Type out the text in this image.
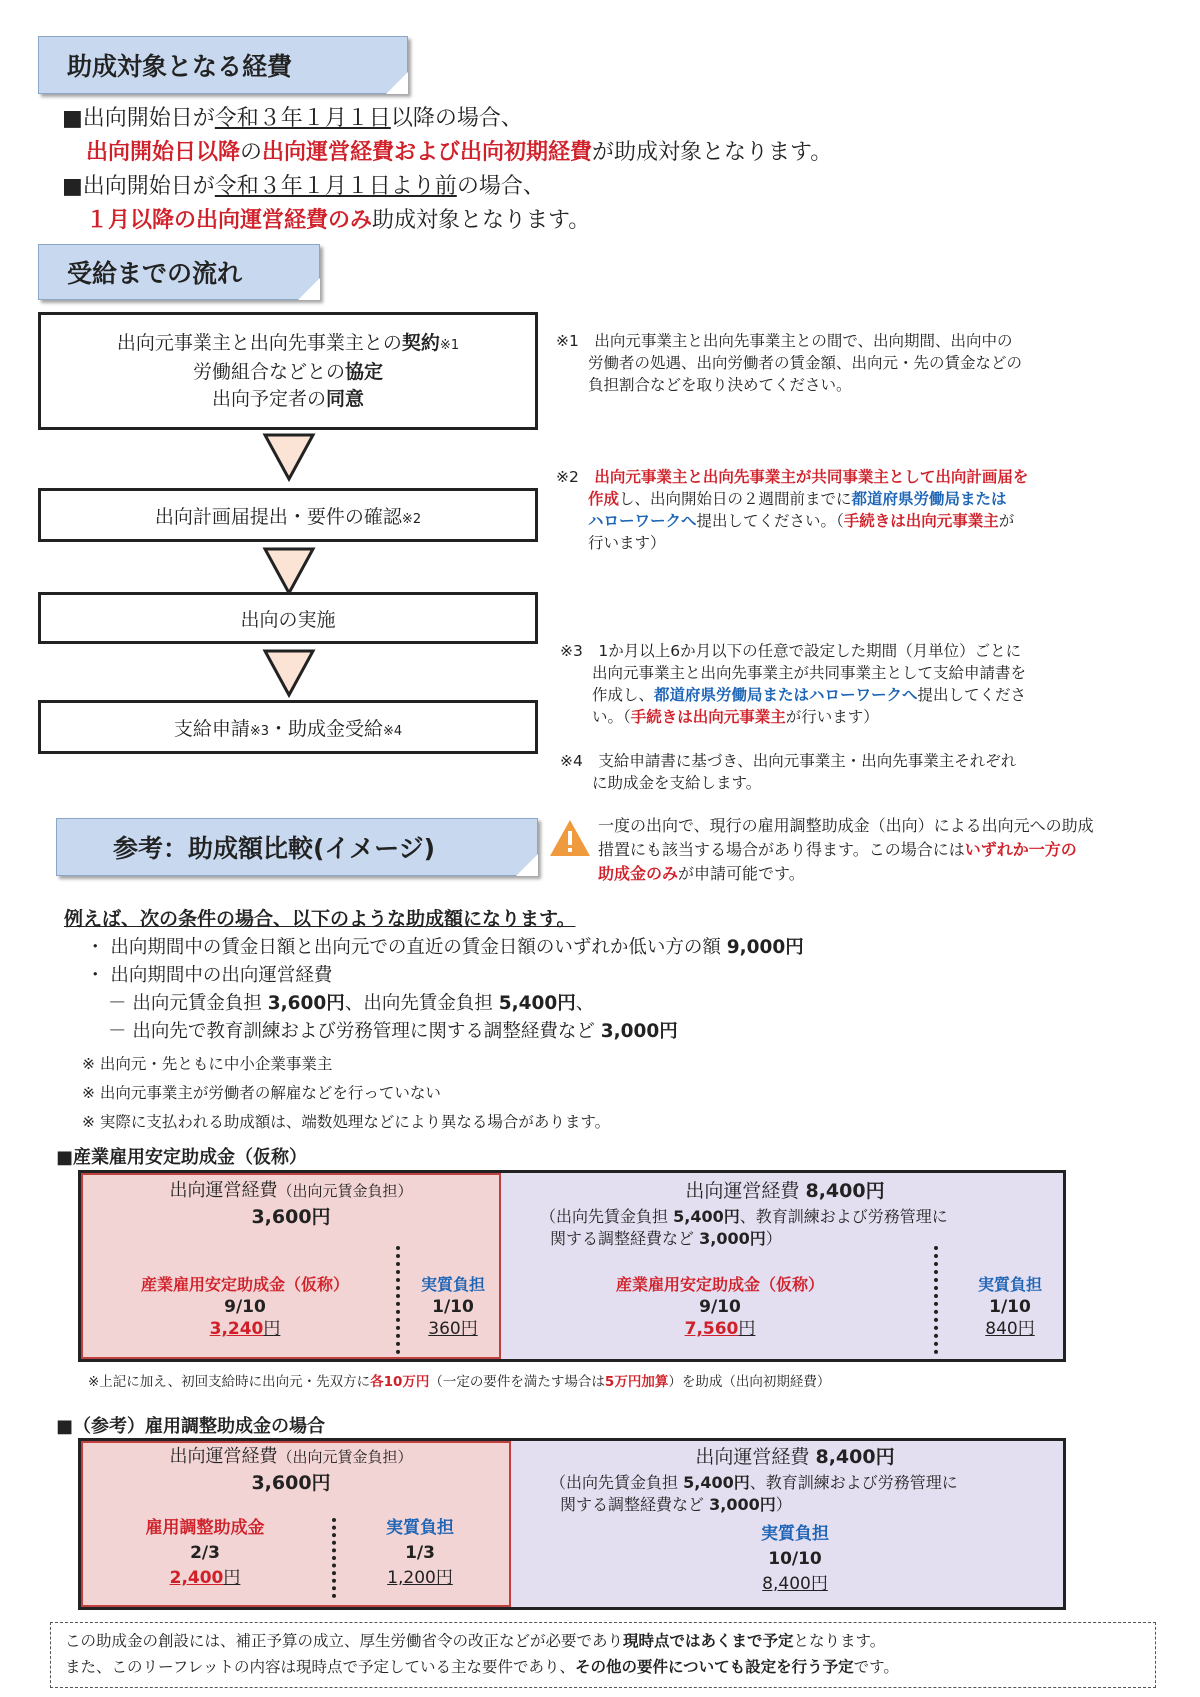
助成対象となる経費
■出向開始日が令和３年１月１日以降の場合、
出向開始日以降の出向運営経費および出向初期経費が助成対象となります。
■出向開始日が令和３年１月１日より前の場合、
１月以降の出向運営経費のみ助成対象となります。
受給までの流れ
出向元事業主と出向先事業主との契約※1
労働組合などとの協定
出向予定者の同意
出向計画届提出・要件の確認※2
出向の実施
支給申請※3・助成金受給※4
※1　出向元事業主と出向先事業主との間で、出向期間、出向中の
労働者の処遇、出向労働者の賃金額、出向元・先の賃金などの
負担割合などを取り決めてください。
※2　出向元事業主と出向先事業主が共同事業主として出向計画届を
作成し、出向開始日の２週間前までに都道府県労働局または
ハローワークへ提出してください。（手続きは出向元事業主が
行います）
※3　1か月以上6か月以下の任意で設定した期間（月単位）ごとに
出向元事業主と出向先事業主が共同事業主として支給申請書を
作成し、都道府県労働局またはハローワークへ提出してくださ
い。（手続きは出向元事業主が行います）
※4　支給申請書に基づき、出向元事業主・出向先事業主それぞれ
に助成金を支給します。
参考：助成額比較(イメージ)
一度の出向で、現行の雇用調整助成金（出向）による出向元への助成
措置にも該当する場合があり得ます。この場合にはいずれか一方の
助成金のみが申請可能です。
例えば、次の条件の場合、以下のような助成額になります。
・ 出向期間中の賃金日額と出向元での直近の賃金日額のいずれか低い方の額 9,000円
・ 出向期間中の出向運営経費
－ 出向元賃金負担 3,600円、出向先賃金負担 5,400円、
－ 出向先で教育訓練および労務管理に関する調整経費など 3,000円
※ 出向元・先ともに中小企業事業主
※ 出向元事業主が労働者の解雇などを行っていない
※ 実際に支払われる助成額は、端数処理などにより異なる場合があります。
■産業雇用安定助成金（仮称）
出向運営経費（出向元賃金負担）
3,600円
産業雇用安定助成金（仮称）
9/10
3,240円
実質負担
1/10
360円
出向運営経費 8,400円
（出向先賃金負担 5,400円、教育訓練および労務管理に
関する調整経費など 3,000円）
産業雇用安定助成金（仮称）
9/10
7,560円
実質負担
1/10
840円
※上記に加え、初回支給時に出向元・先双方に各10万円（一定の要件を満たす場合は5万円加算）を助成（出向初期経費）
■（参考）雇用調整助成金の場合
出向運営経費（出向元賃金負担）
3,600円
雇用調整助成金
2/3
2,400円
実質負担
1/3
1,200円
出向運営経費 8,400円
（出向先賃金負担 5,400円、教育訓練および労務管理に
関する調整経費など 3,000円）
実質負担
10/10
8,400円
この助成金の創設には、補正予算の成立、厚生労働省令の改正などが必要であり現時点ではあくまで予定となります。
また、このリーフレットの内容は現時点で予定している主な要件であり、その他の要件についても設定を行う予定です。
